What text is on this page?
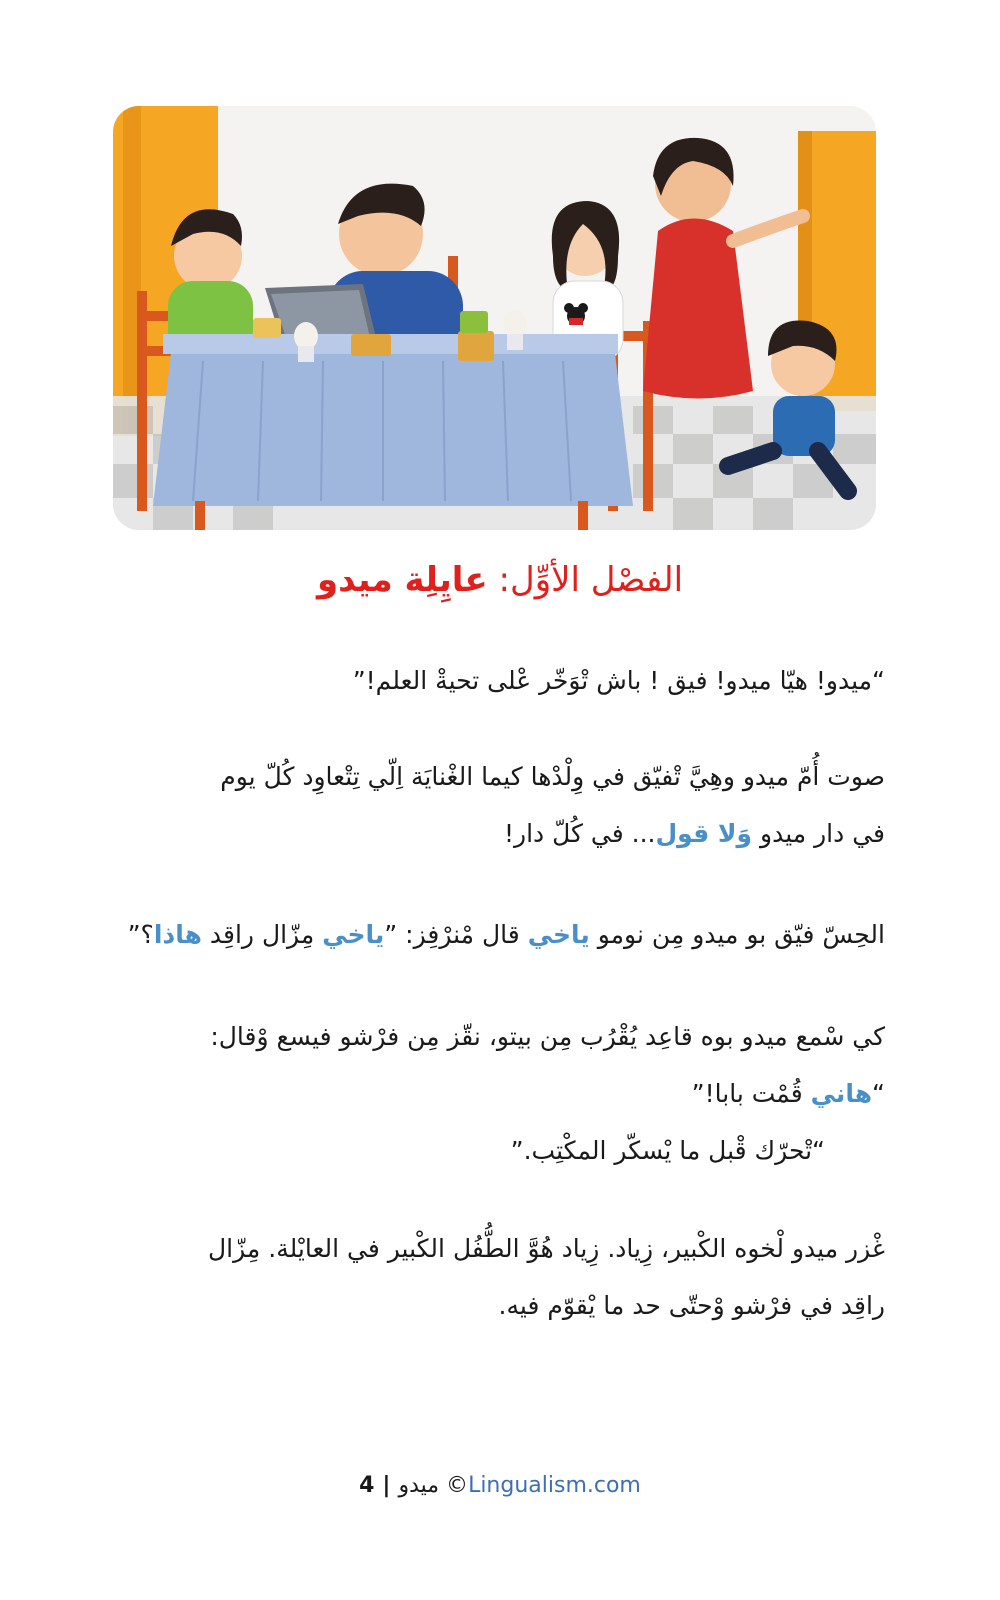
الفصْل الأوِّل: عايِلِة ميدو

“ميدو! هيّا ميدو! فيق ! باش تْوَخّر عْلى تحيةْ العلم!”

صوت أُمّ ميدو وهِيَّ تْفيّق في وِلْدْها كيما الغْنايَة اِلّي تِتْعاوِد كُلّ يوم
في دار ميدو وَلا قول... في كُلّ دار!

الحِسّ فيّق بو ميدو مِن نومو ياخي قال مْنرْفِز: ”ياخي مِزّال راقِد هاذا؟”

كي سْمع ميدو بوه قاعِد يُقْرُب مِن بيتو، نقّز مِن فرْشو فيسع وْقال:
“هاني قُمْت بابا!”
“تْحرّك قْبل ما يْسكّر المكْتِب.”

غْزر ميدو لْخوه الكْبير، زِياد. زِياد هُوَّ الطُّفُل الكْبير في العايْلة. مِزّال
راقِد في فرْشو وْحتّى حد ما يْقوّم فيه.

4 | © ميدوLingualism.com
